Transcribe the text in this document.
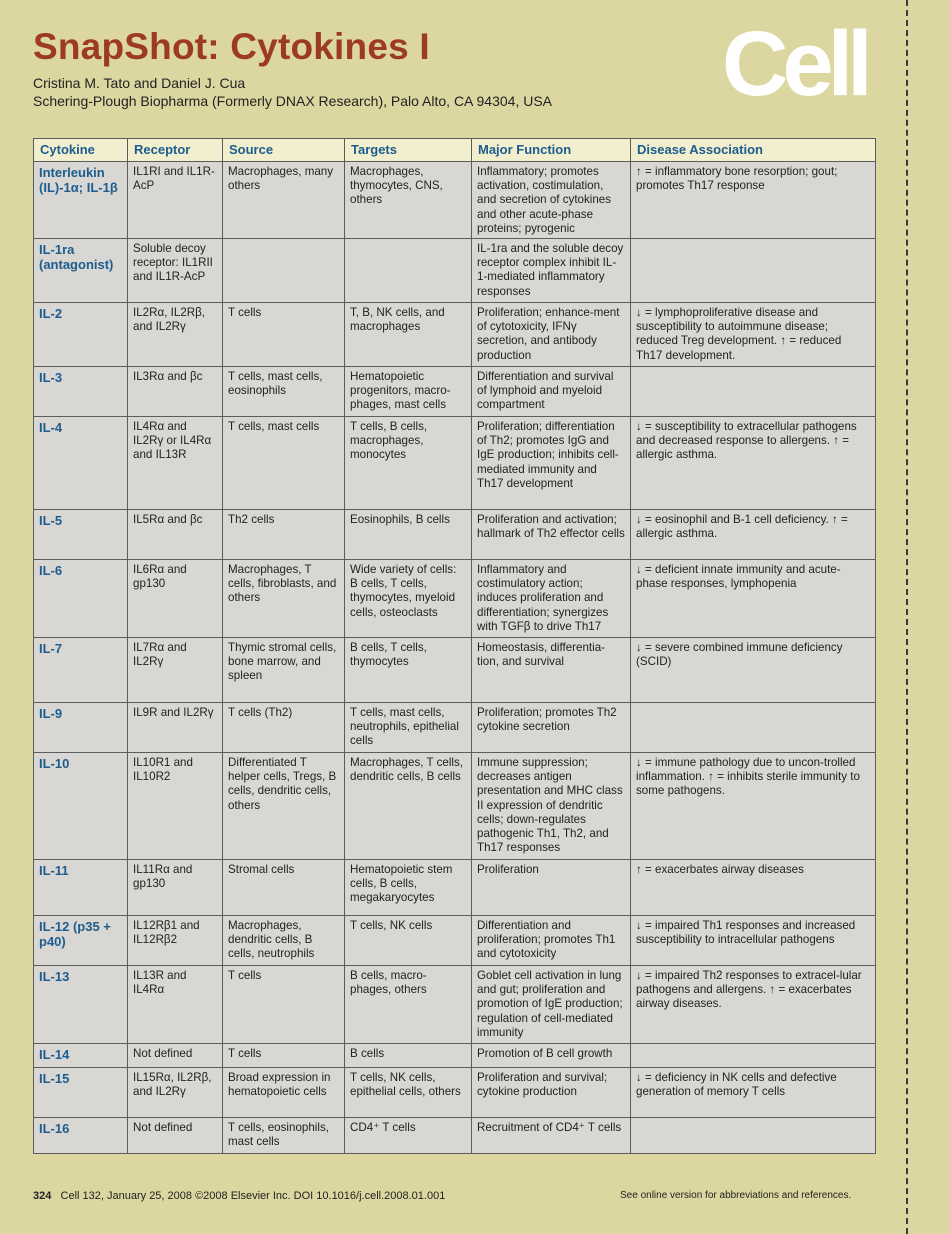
SnapShot: Cytokines I
Cristina M. Tato and Daniel J. Cua
Schering-Plough Biopharma (Formerly DNAX Research), Palo Alto, CA 94304, USA Cell
Cytokine	Receptor	Source	Targets	Major Function	Disease Association
Interleukin (IL)-1α; IL-1β	IL1RI and IL1R-AcP	Macrophages, many others	Macrophages, thymocytes, CNS, others	Inflammatory; promotes activation, costimulation, and secretion of cytokines and other acute-phase proteins; pyrogenic	↑ = inflammatory bone resorption; gout; promotes Th17 response
IL-1ra (antagonist)	Soluble decoy receptor: IL1RII and IL1R-AcP			IL-1ra and the soluble decoy receptor complex inhibit IL-1-mediated inflammatory responses	
IL-2	IL2Rα, IL2Rβ, and IL2Rγ	T cells	T, B, NK cells, and macrophages	Proliferation; enhance-ment of cytotoxicity, IFNγ secretion, and antibody production	↓ = lymphoproliferative disease and susceptibility to autoimmune disease; reduced Treg development. ↑ = reduced Th17 development.
IL-3	IL3Rα and βc	T cells, mast cells, eosinophils	Hematopoietic progenitors, macro-phages, mast cells	Differentiation and survival of lymphoid and myeloid compartment	
IL-4	IL4Rα and IL2Rγ or IL4Rα and IL13R	T cells, mast cells	T cells, B cells, macrophages, monocytes	Proliferation; differentiation of Th2; promotes IgG and IgE production; inhibits cell-mediated immunity and Th17 development	↓ = susceptibility to extracellular pathogens and decreased response to allergens. ↑ = allergic asthma.
IL-5	IL5Rα and βc	Th2 cells	Eosinophils, B cells	Proliferation and activation; hallmark of Th2 effector cells	↓ = eosinophil and B-1 cell deficiency. ↑ = allergic asthma.
IL-6	IL6Rα and gp130	Macrophages, T cells, fibroblasts, and others	Wide variety of cells: B cells, T cells, thymocytes, myeloid cells, osteoclasts	Inflammatory and costimulatory action; induces proliferation and differentiation; synergizes with TGFβ to drive Th17	↓ = deficient innate immunity and acute-phase responses, lymphopenia
IL-7	IL7Rα and IL2Rγ	Thymic stromal cells, bone marrow, and spleen	B cells, T cells, thymocytes	Homeostasis, differentia-tion, and survival	↓ = severe combined immune deficiency (SCID)
IL-9	IL9R and IL2Rγ	T cells (Th2)	T cells, mast cells, neutrophils, epithelial cells	Proliferation; promotes Th2 cytokine secretion	
IL-10	IL10R1 and IL10R2	Differentiated T helper cells, Tregs, B cells, dendritic cells, others	Macrophages, T cells, dendritic cells, B cells	Immune suppression; decreases antigen presentation and MHC class II expression of dendritic cells; down-regulates pathogenic Th1, Th2, and Th17 responses	↓ = immune pathology due to uncon-trolled inflammation. ↑ = inhibits sterile immunity to some pathogens.
IL-11	IL11Rα and gp130	Stromal cells	Hematopoietic stem cells, B cells, megakaryocytes	Proliferation	↑ = exacerbates airway diseases
IL-12 (p35 + p40)	IL12Rβ1 and IL12Rβ2	Macrophages, dendritic cells, B cells, neutrophils	T cells, NK cells	Differentiation and proliferation; promotes Th1 and cytotoxicity	↓ = impaired Th1 responses and increased susceptibility to intracellular pathogens
IL-13	IL13R and IL4Rα	T cells	B cells, macro-phages, others	Goblet cell activation in lung and gut; proliferation and promotion of IgE production; regulation of cell-mediated immunity	↓ = impaired Th2 responses to extracel-lular pathogens and allergens. ↑ = exacerbates airway diseases.
IL-14	Not defined	T cells	B cells	Promotion of B cell growth	
IL-15	IL15Rα, IL2Rβ, and IL2Rγ	Broad expression in hematopoietic cells	T cells, NK cells, epithelial cells, others	Proliferation and survival; cytokine production	↓ = deficiency in NK cells and defective generation of memory T cells
IL-16	Not defined	T cells, eosinophils, mast cells	CD4⁺ T cells	Recruitment of CD4⁺ T cells	
324 Cell 132, January 25, 2008 ©2008 Elsevier Inc. DOI 10.1016/j.cell.2008.01.001	See online version for abbreviations and references.
